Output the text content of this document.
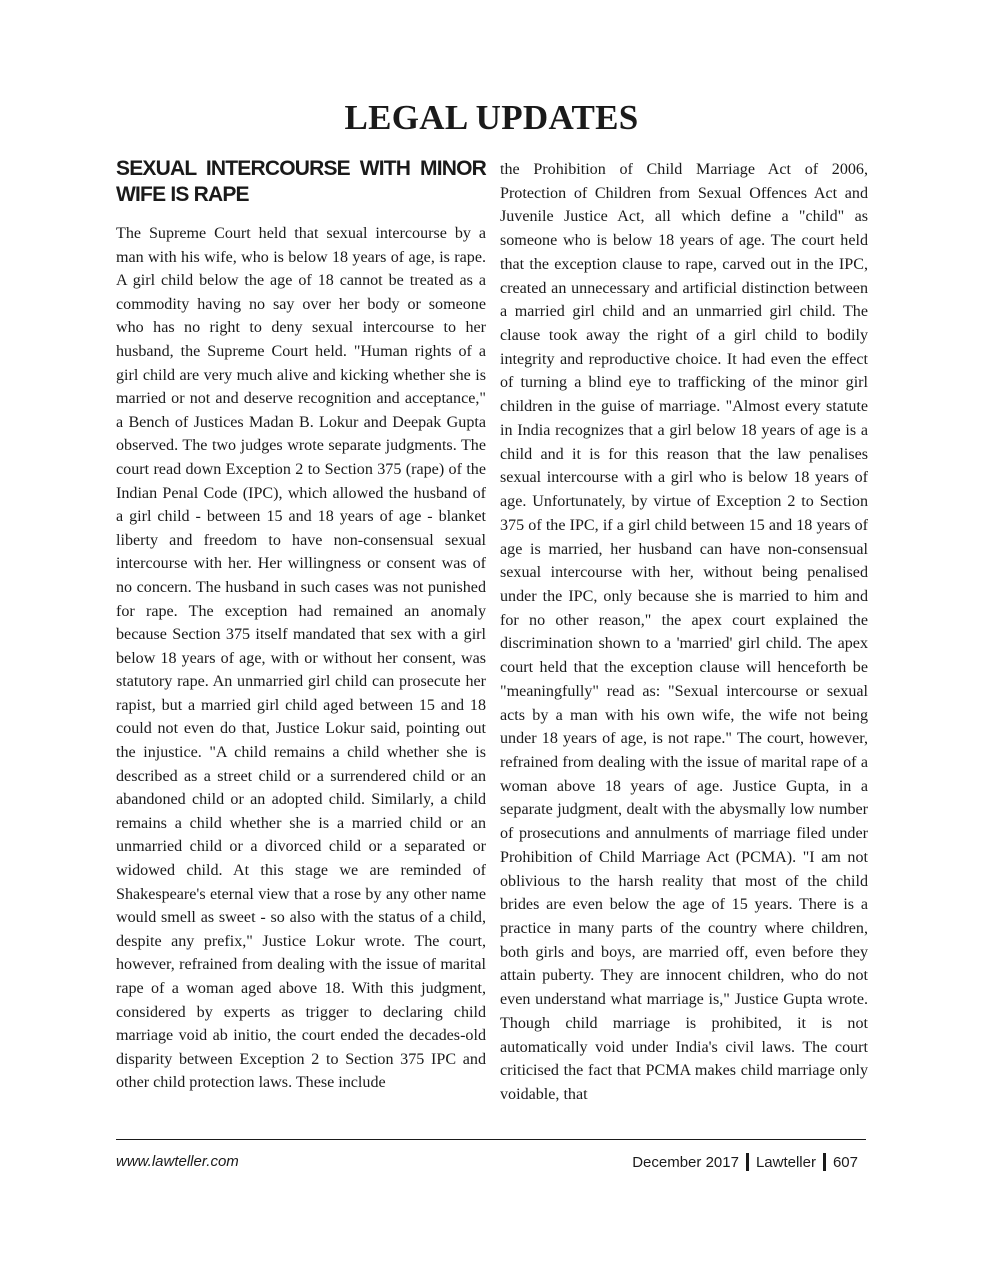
LEGAL UPDATES
SEXUAL INTERCOURSE WITH MINOR WIFE IS RAPE

The Supreme Court held that sexual intercourse by a man with his wife, who is below 18 years of age, is rape. A girl child below the age of 18 cannot be treated as a commodity having no say over her body or someone who has no right to deny sexual intercourse to her husband, the Supreme Court held. "Human rights of a girl child are very much alive and kicking whether she is married or not and deserve recognition and acceptance," a Bench of Justices Madan B. Lokur and Deepak Gupta observed. The two judges wrote separate judgments. The court read down Exception 2 to Section 375 (rape) of the Indian Penal Code (IPC), which allowed the husband of a girl child - between 15 and 18 years of age - blanket liberty and freedom to have non-consensual sexual intercourse with her. Her willingness or consent was of no concern. The husband in such cases was not punished for rape. The exception had remained an anomaly because Section 375 itself mandated that sex with a girl below 18 years of age, with or without her consent, was statutory rape. An unmarried girl child can prosecute her rapist, but a married girl child aged between 15 and 18 could not even do that, Justice Lokur said, pointing out the injustice. "A child remains a child whether she is described as a street child or a surrendered child or an abandoned child or an adopted child. Similarly, a child remains a child whether she is a married child or an unmarried child or a divorced child or a separated or widowed child. At this stage we are reminded of Shakespeare's eternal view that a rose by any other name would smell as sweet - so also with the status of a child, despite any prefix," Justice Lokur wrote. The court, however, refrained from dealing with the issue of marital rape of a woman aged above 18. With this judgment, considered by experts as trigger to declaring child marriage void ab initio, the court ended the decades-old disparity between Exception 2 to Section 375 IPC and other child protection laws. These include

the Prohibition of Child Marriage Act of 2006, Protection of Children from Sexual Offences Act and Juvenile Justice Act, all which define a "child" as someone who is below 18 years of age. The court held that the exception clause to rape, carved out in the IPC, created an unnecessary and artificial distinction between a married girl child and an unmarried girl child. The clause took away the right of a girl child to bodily integrity and reproductive choice. It had even the effect of turning a blind eye to trafficking of the minor girl children in the guise of marriage. "Almost every statute in India recognizes that a girl below 18 years of age is a child and it is for this reason that the law penalises sexual intercourse with a girl who is below 18 years of age. Unfortunately, by virtue of Exception 2 to Section 375 of the IPC, if a girl child between 15 and 18 years of age is married, her husband can have non-consensual sexual intercourse with her, without being penalised under the IPC, only because she is married to him and for no other reason," the apex court explained the discrimination shown to a 'married' girl child. The apex court held that the exception clause will henceforth be "meaningfully" read as: "Sexual intercourse or sexual acts by a man with his own wife, the wife not being under 18 years of age, is not rape." The court, however, refrained from dealing with the issue of marital rape of a woman above 18 years of age. Justice Gupta, in a separate judgment, dealt with the abysmally low number of prosecutions and annulments of marriage filed under Prohibition of Child Marriage Act (PCMA). "I am not oblivious to the harsh reality that most of the child brides are even below the age of 15 years. There is a practice in many parts of the country where children, both girls and boys, are married off, even before they attain puberty. They are innocent children, who do not even understand what marriage is," Justice Gupta wrote. Though child marriage is prohibited, it is not automatically void under India's civil laws. The court criticised the fact that PCMA makes child marriage only voidable, that

www.lawteller.com	December 2017 Lawteller 607
